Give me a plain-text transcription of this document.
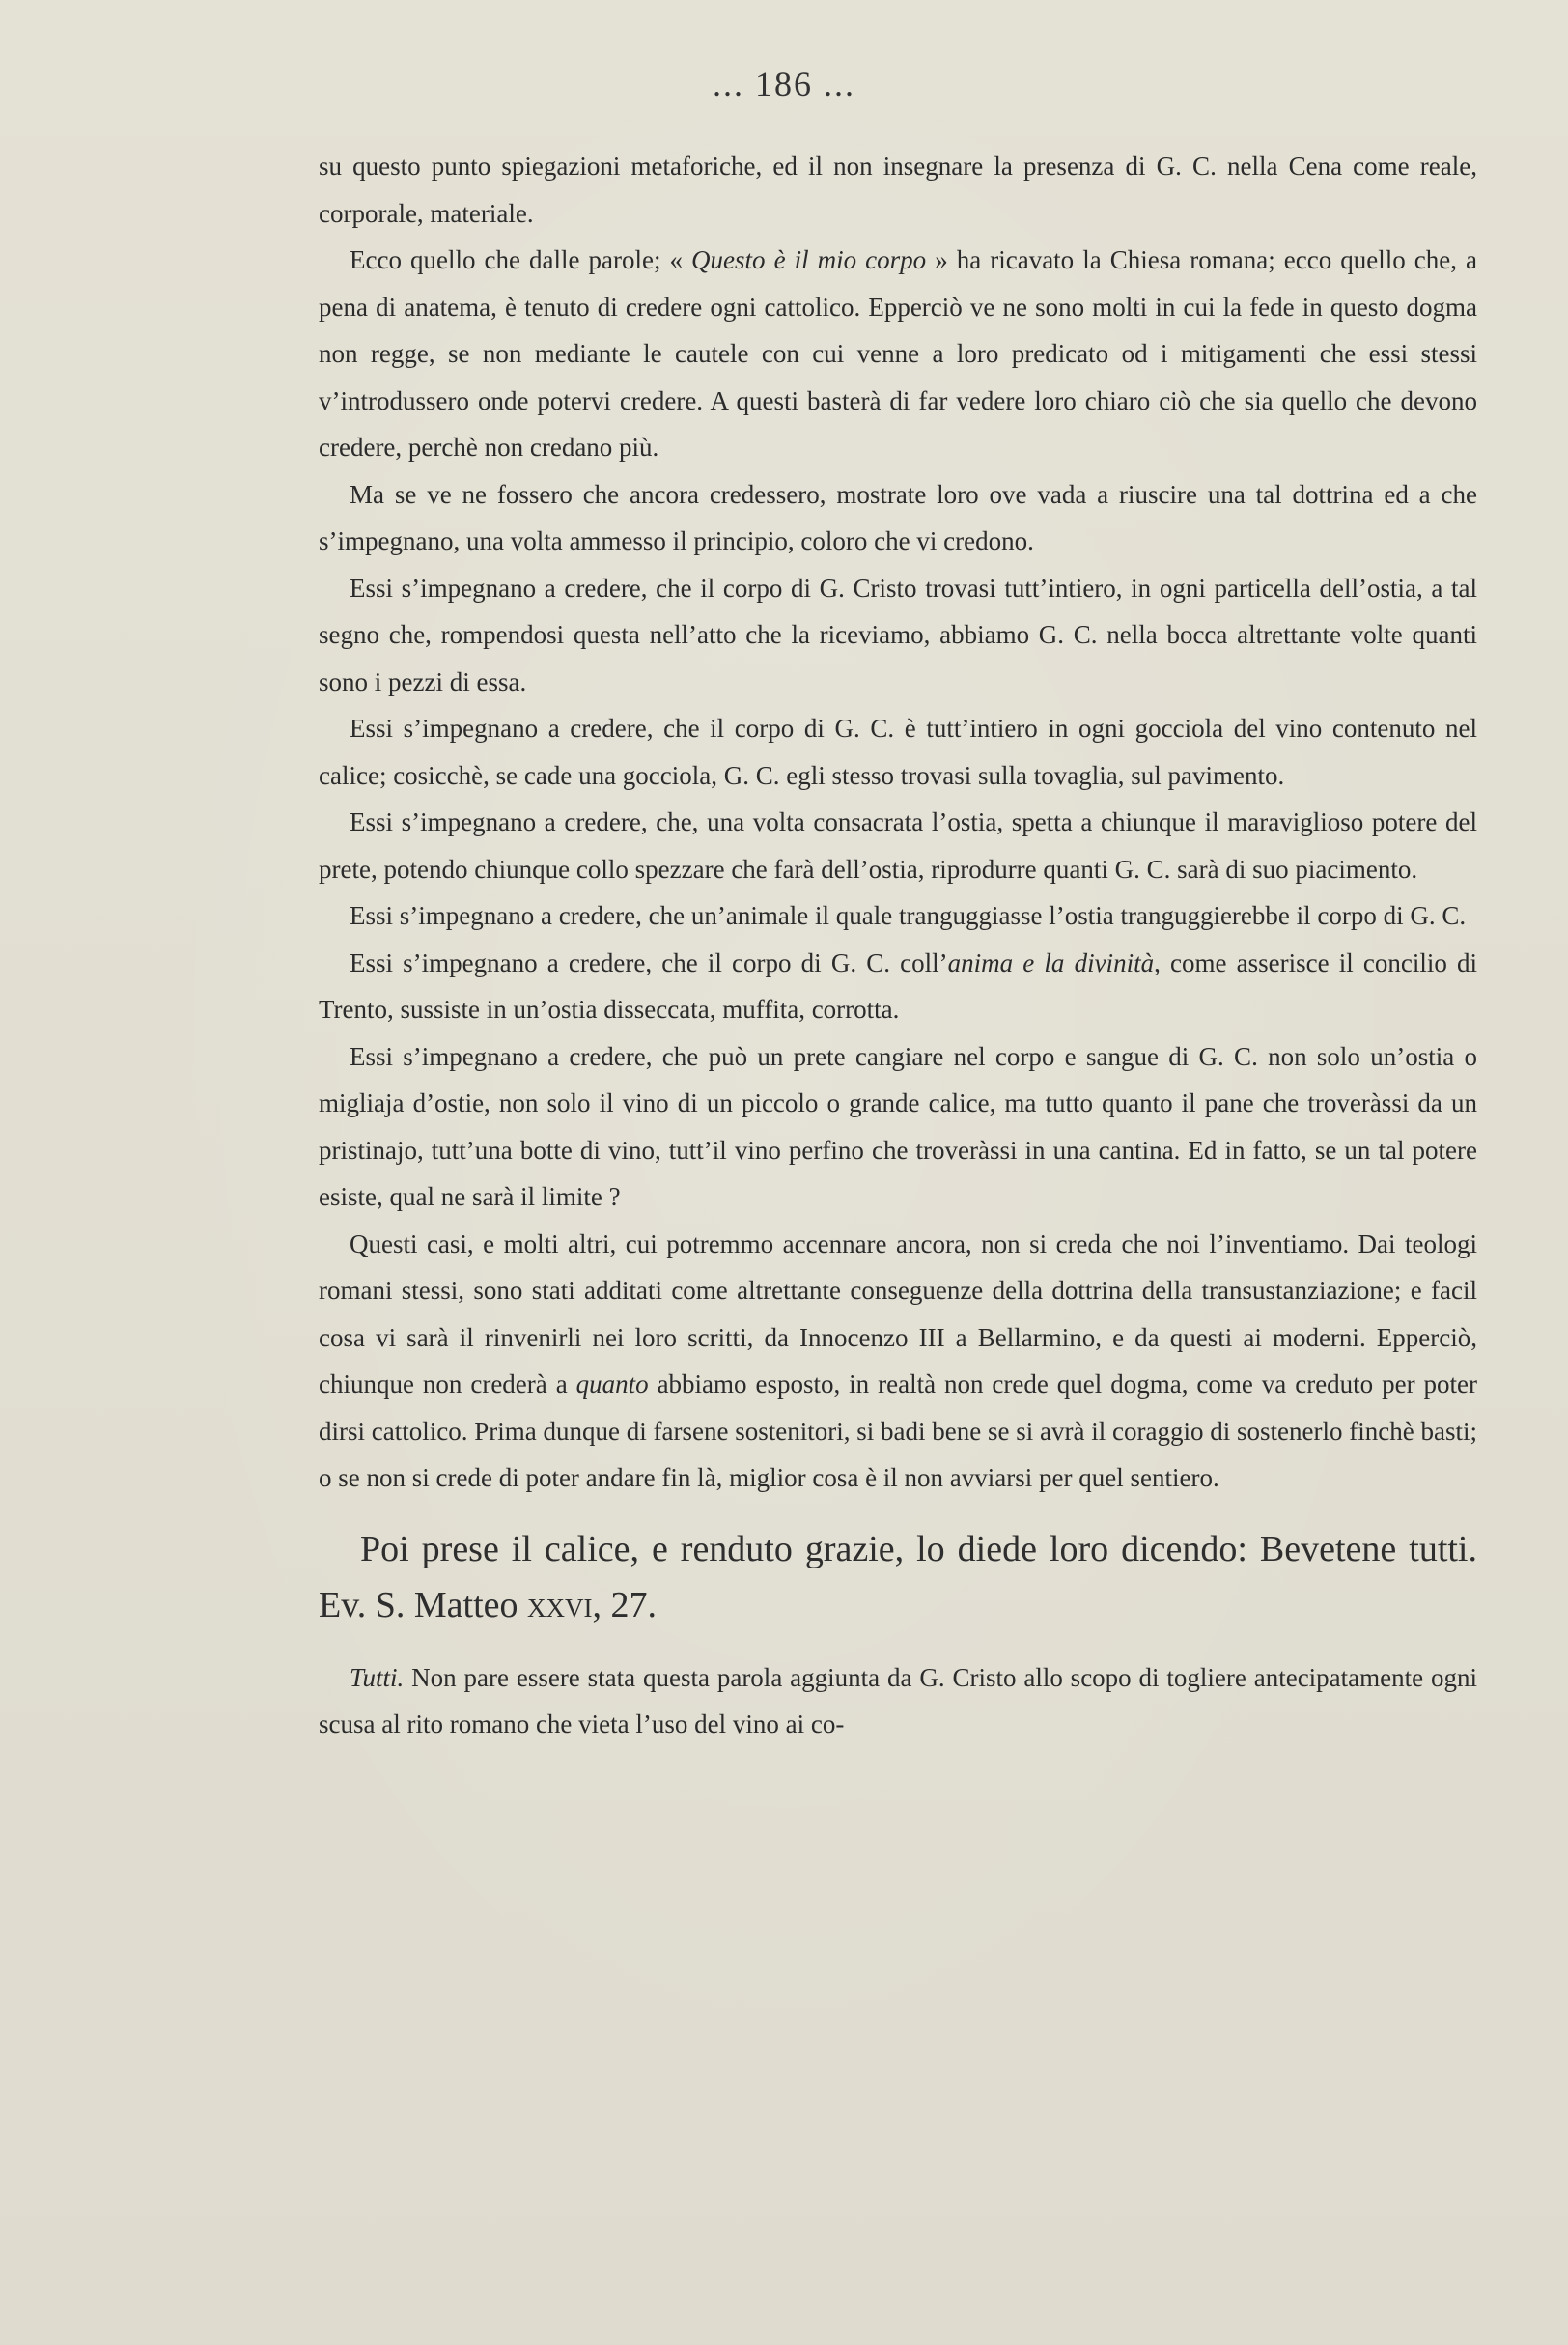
... 186 ...

su questo punto spiegazioni metaforiche, ed il non insegnare la presenza di G. C. nella Cena come reale, corporale, materiale.

Ecco quello che dalle parole; « Questo è il mio corpo » ha ricavato la Chiesa romana; ecco quello che, a pena di anatema, è tenuto di credere ogni cattolico. Epperciò ve ne sono molti in cui la fede in questo dogma non regge, se non mediante le cautele con cui venne a loro predicato od i mitigamenti che essi stessi v’introdussero onde potervi credere. A questi basterà di far vedere loro chiaro ciò che sia quello che devono credere, perchè non credano più.

Ma se ve ne fossero che ancora credessero, mostrate loro ove vada a riuscire una tal dottrina ed a che s’impegnano, una volta ammesso il principio, coloro che vi credono.

Essi s’impegnano a credere, che il corpo di G. Cristo trovasi tutt’intiero, in ogni particella dell’ostia, a tal segno che, rompendosi questa nell’atto che la riceviamo, abbiamo G. C. nella bocca altrettante volte quanti sono i pezzi di essa.

Essi s’impegnano a credere, che il corpo di G. C. è tutt’intiero in ogni gocciola del vino contenuto nel calice; cosicchè, se cade una gocciola, G. C. egli stesso trovasi sulla tovaglia, sul pavimento.

Essi s’impegnano a credere, che, una volta consacrata l’ostia, spetta a chiunque il maraviglioso potere del prete, potendo chiunque collo spezzare che farà dell’ostia, riprodurre quanti G. C. sarà di suo piacimento.

Essi s’impegnano a credere, che un’animale il quale tranguggiasse l’ostia tranguggierebbe il corpo di G. C.

Essi s’impegnano a credere, che il corpo di G. C. coll’anima e la divinità, come asserisce il concilio di Trento, sussiste in un’ostia disseccata, muffita, corrotta.

Essi s’impegnano a credere, che può un prete cangiare nel corpo e sangue di G. C. non solo un’ostia o migliaja d’ostie, non solo il vino di un piccolo o grande calice, ma tutto quanto il pane che troveràssi da un pristinajo, tutt’una botte di vino, tutt’il vino perfino che troveràssi in una cantina. Ed in fatto, se un tal potere esiste, qual ne sarà il limite ?

Questi casi, e molti altri, cui potremmo accennare ancora, non si creda che noi l’inventiamo. Dai teologi romani stessi, sono stati additati come altrettante conseguenze della dottrina della transustanziazione; e facil cosa vi sarà il rinvenirli nei loro scritti, da Innocenzo III a Bellarmino, e da questi ai moderni. Epperciò, chiunque non crederà a quanto abbiamo esposto, in realtà non crede quel dogma, come va creduto per poter dirsi cattolico. Prima dunque di farsene sostenitori, si badi bene se si avrà il coraggio di sostenerlo finchè basti; o se non si crede di poter andare fin là, miglior cosa è il non avviarsi per quel sentiero.

Poi prese il calice, e renduto grazie, lo diede loro dicendo: Bevetene tutti. Ev. S. Matteo xxvi, 27.

Tutti. Non pare essere stata questa parola aggiunta da G. Cristo allo scopo di togliere antecipatamente ogni scusa al rito romano che vieta l’uso del vino ai co-
